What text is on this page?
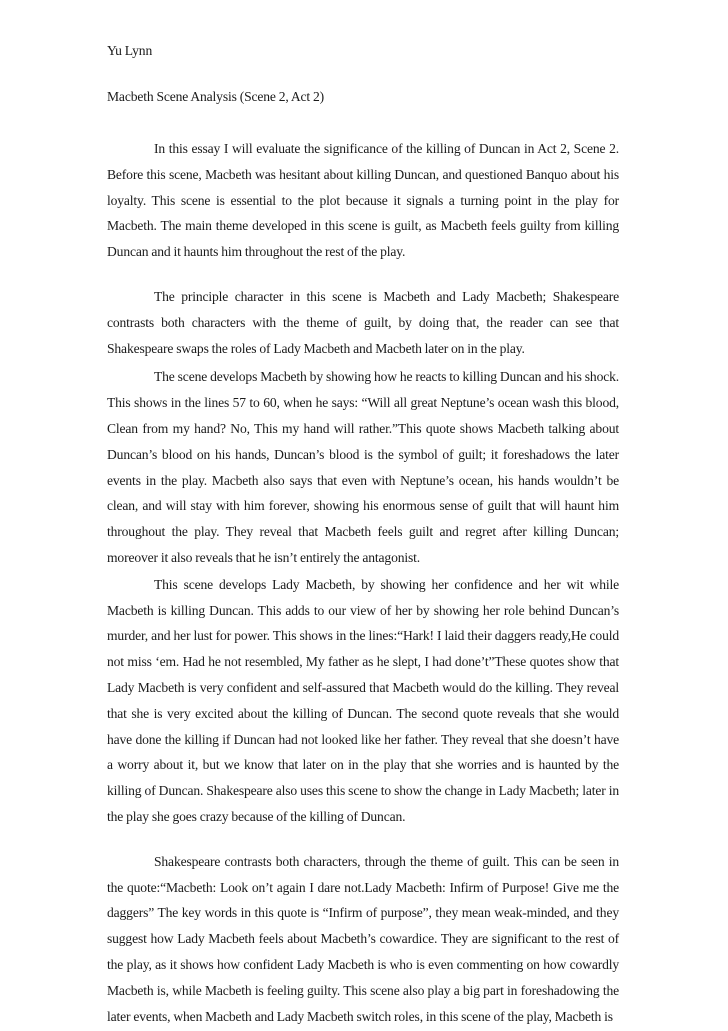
Yu Lynn

Macbeth Scene Analysis (Scene 2, Act 2)

In this essay I will evaluate the significance of the killing of Duncan in Act 2, Scene 2. Before this scene, Macbeth was hesitant about killing Duncan, and questioned Banquo about his loyalty. This scene is essential to the plot because it signals a turning point in the play for Macbeth. The main theme developed in this scene is guilt, as Macbeth feels guilty from killing Duncan and it haunts him throughout the rest of the play.

The principle character in this scene is Macbeth and Lady Macbeth; Shakespeare contrasts both characters with the theme of guilt, by doing that, the reader can see that Shakespeare swaps the roles of Lady Macbeth and Macbeth later on in the play.

The scene develops Macbeth by showing how he reacts to killing Duncan and his shock. This shows in the lines 57 to 60, when he says: “Will all great Neptune’s ocean wash this blood, Clean from my hand? No, This my hand will rather.”This quote shows Macbeth talking about Duncan’s blood on his hands, Duncan’s blood is the symbol of guilt; it foreshadows the later events in the play. Macbeth also says that even with Neptune’s ocean, his hands wouldn’t be clean, and will stay with him forever, showing his enormous sense of guilt that will haunt him throughout the play. They reveal that Macbeth feels guilt and regret after killing Duncan; moreover it also reveals that he isn’t entirely the antagonist.

This scene develops Lady Macbeth, by showing her confidence and her wit while Macbeth is killing Duncan. This adds to our view of her by showing her role behind Duncan’s murder, and her lust for power. This shows in the lines:“Hark! I laid their daggers ready,He could not miss ‘em. Had he not resembled, My father as he slept, I had done’t”These quotes show that Lady Macbeth is very confident and self-assured that Macbeth would do the killing. They reveal that she is very excited about the killing of Duncan. The second quote reveals that she would have done the killing if Duncan had not looked like her father. They reveal that she doesn’t have a worry about it, but we know that later on in the play that she worries and is haunted by the killing of Duncan. Shakespeare also uses this scene to show the change in Lady Macbeth; later in the play she goes crazy because of the killing of Duncan.

Shakespeare contrasts both characters, through the theme of guilt. This can be seen in the quote:“Macbeth: Look on’t again I dare not.Lady Macbeth: Infirm of Purpose! Give me the daggers” The key words in this quote is “Infirm of purpose”, they mean weak-minded, and they suggest how Lady Macbeth feels about Macbeth’s cowardice. They are significant to the rest of the play, as it shows how confident Lady Macbeth is who is even commenting on how cowardly Macbeth is, while Macbeth is feeling guilty. This scene also play a big part in foreshadowing the later events, when Macbeth and Lady Macbeth switch roles, in this scene of the play, Macbeth is
